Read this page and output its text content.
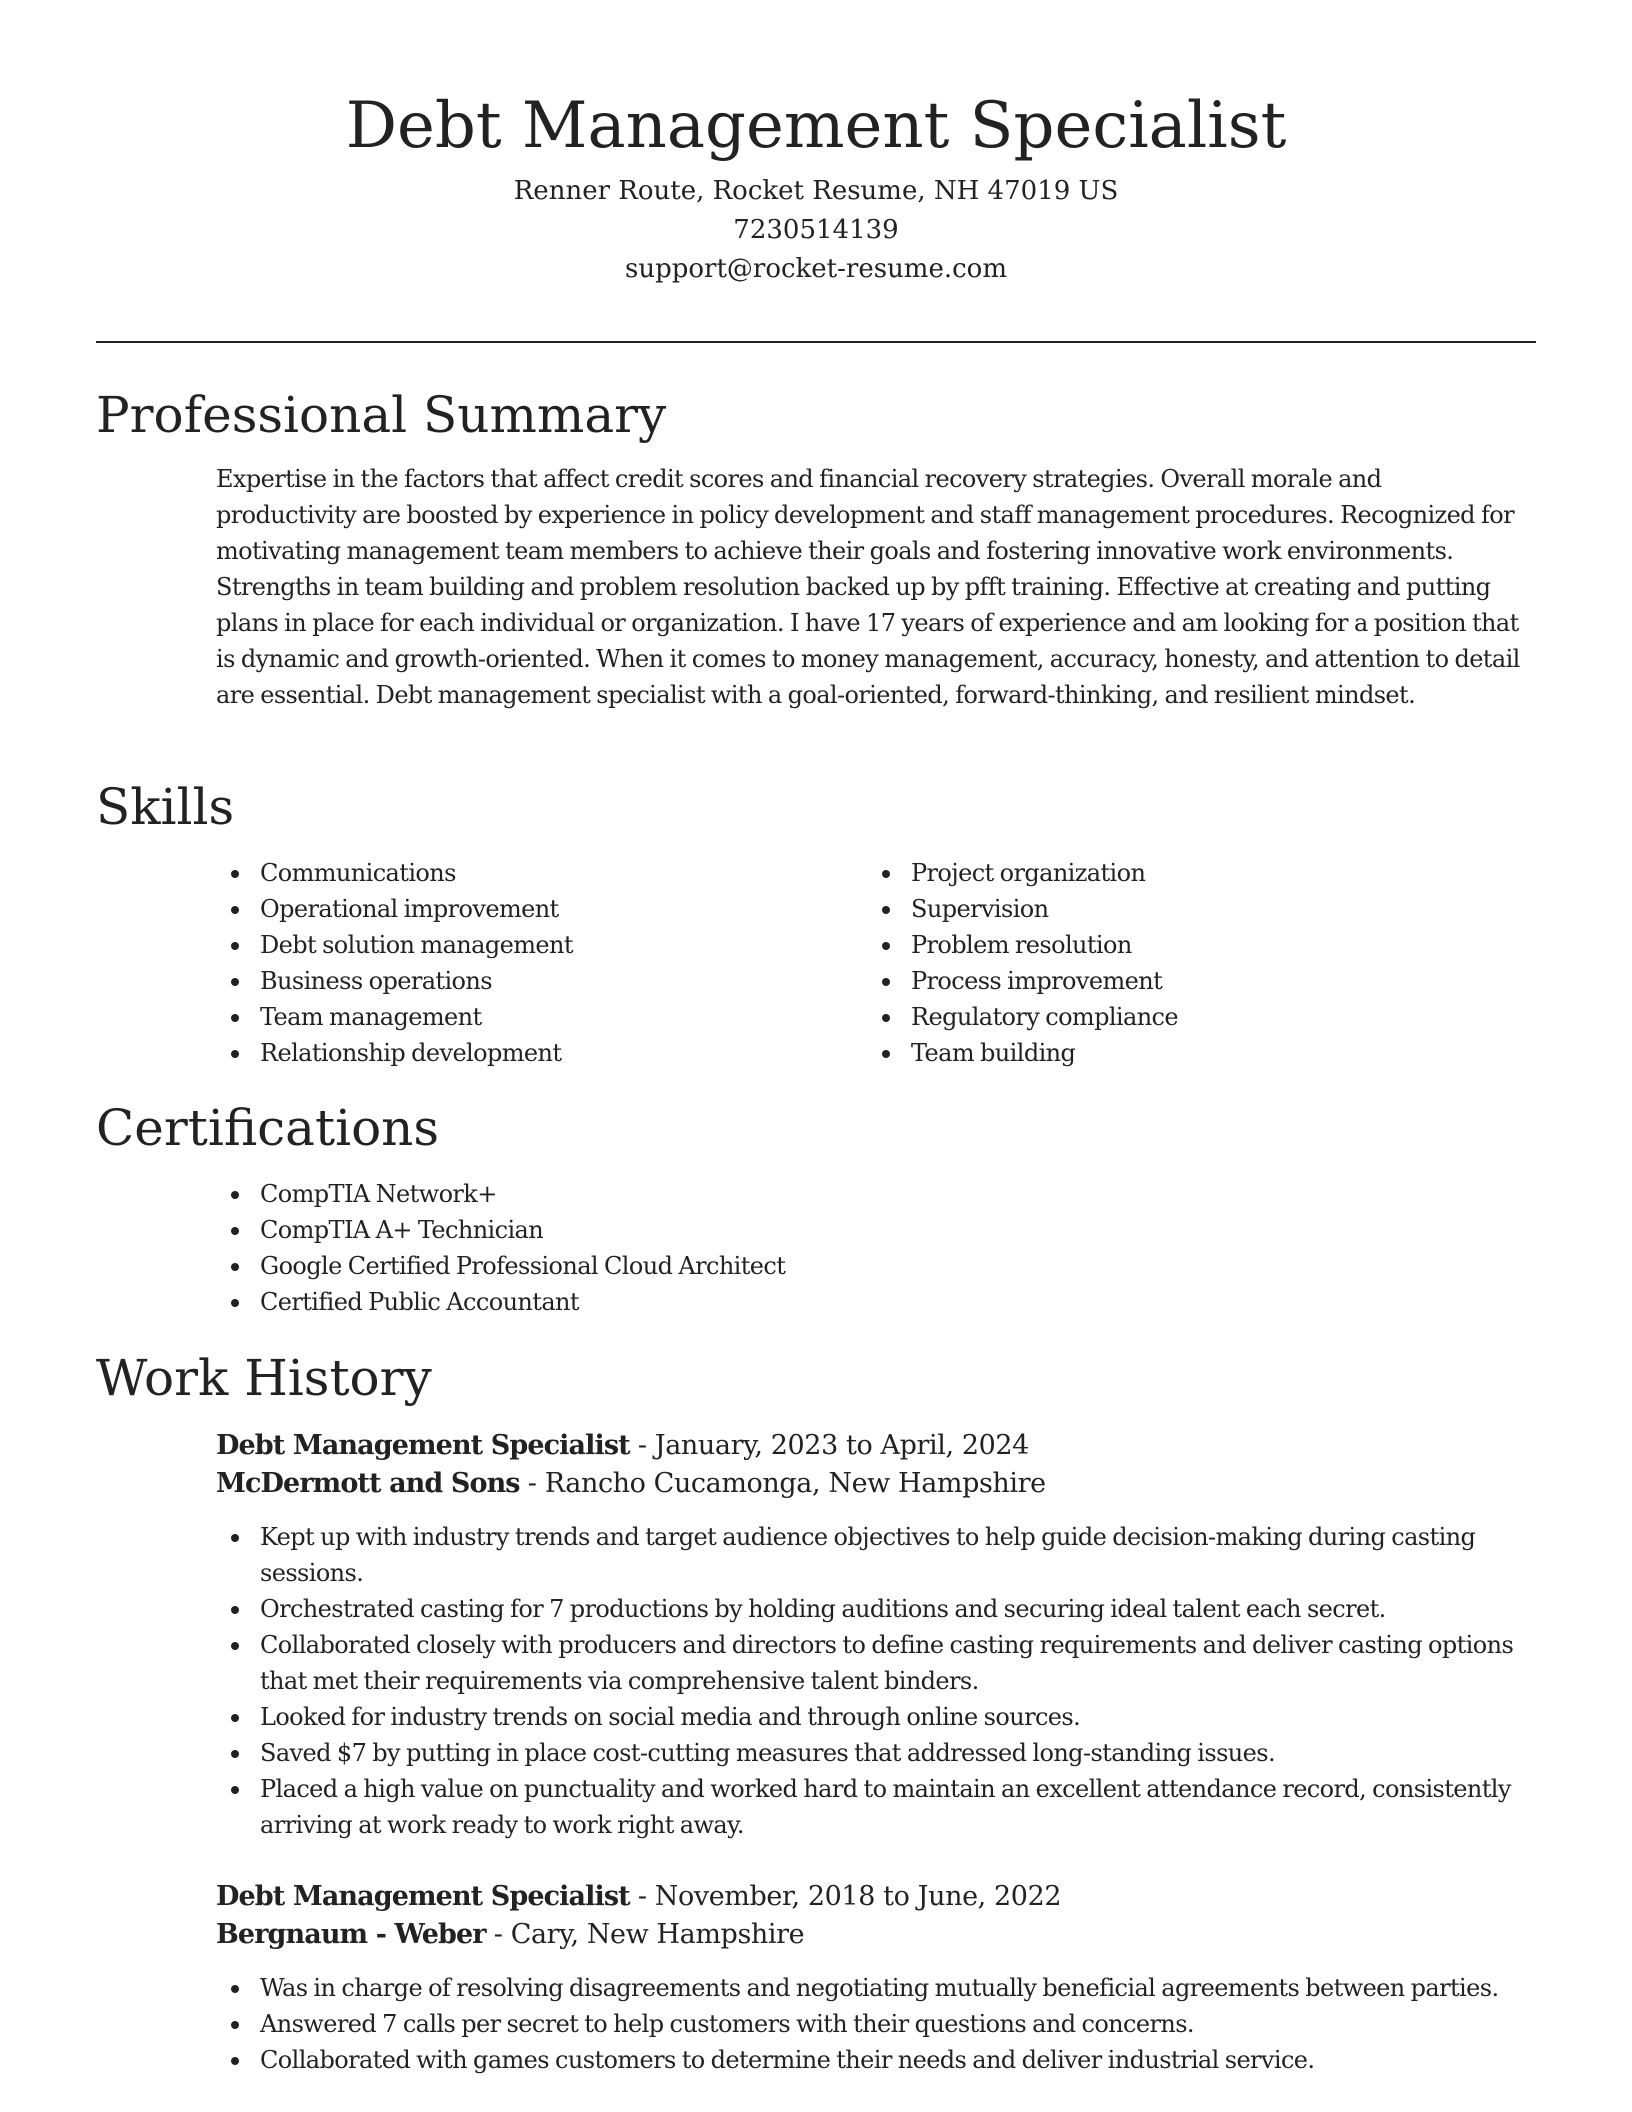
Debt Management Specialist
Renner Route, Rocket Resume, NH 47019 US
7230514139
support@rocket-resume.com
Professional Summary

Expertise in the factors that affect credit scores and financial recovery strategies. Overall morale and productivity are boosted by experience in policy development and staff management procedures. Recognized for motivating management team members to achieve their goals and fostering innovative work environments. Strengths in team building and problem resolution backed up by pfft training. Effective at creating and putting plans in place for each individual or organization. I have 17 years of experience and am looking for a position that is dynamic and growth-oriented. When it comes to money management, accuracy, honesty, and attention to detail are essential. Debt management specialist with a goal-oriented, forward-thinking, and resilient mindset.

Skills
Communications
Operational improvement
Debt solution management
Business operations
Team management
Relationship development
Project organization
Supervision
Problem resolution
Process improvement
Regulatory compliance
Team building
Certifications
CompTIA Network+
CompTIA A+ Technician
Google Certified Professional Cloud Architect
Certified Public Accountant
Work History
Debt Management Specialist - January, 2023 to April, 2024
McDermott and Sons - Rancho Cucamonga, New Hampshire
Kept up with industry trends and target audience objectives to help guide decision-making during casting sessions.
Orchestrated casting for 7 productions by holding auditions and securing ideal talent each secret.
Collaborated closely with producers and directors to define casting requirements and deliver casting options that met their requirements via comprehensive talent binders.
Looked for industry trends on social media and through online sources.
Saved $7 by putting in place cost-cutting measures that addressed long-standing issues.
Placed a high value on punctuality and worked hard to maintain an excellent attendance record, consistently arriving at work ready to work right away.
Debt Management Specialist - November, 2018 to June, 2022
Bergnaum - Weber - Cary, New Hampshire
Was in charge of resolving disagreements and negotiating mutually beneficial agreements between parties.
Answered 7 calls per secret to help customers with their questions and concerns.
Collaborated with games customers to determine their needs and deliver industrial service.
